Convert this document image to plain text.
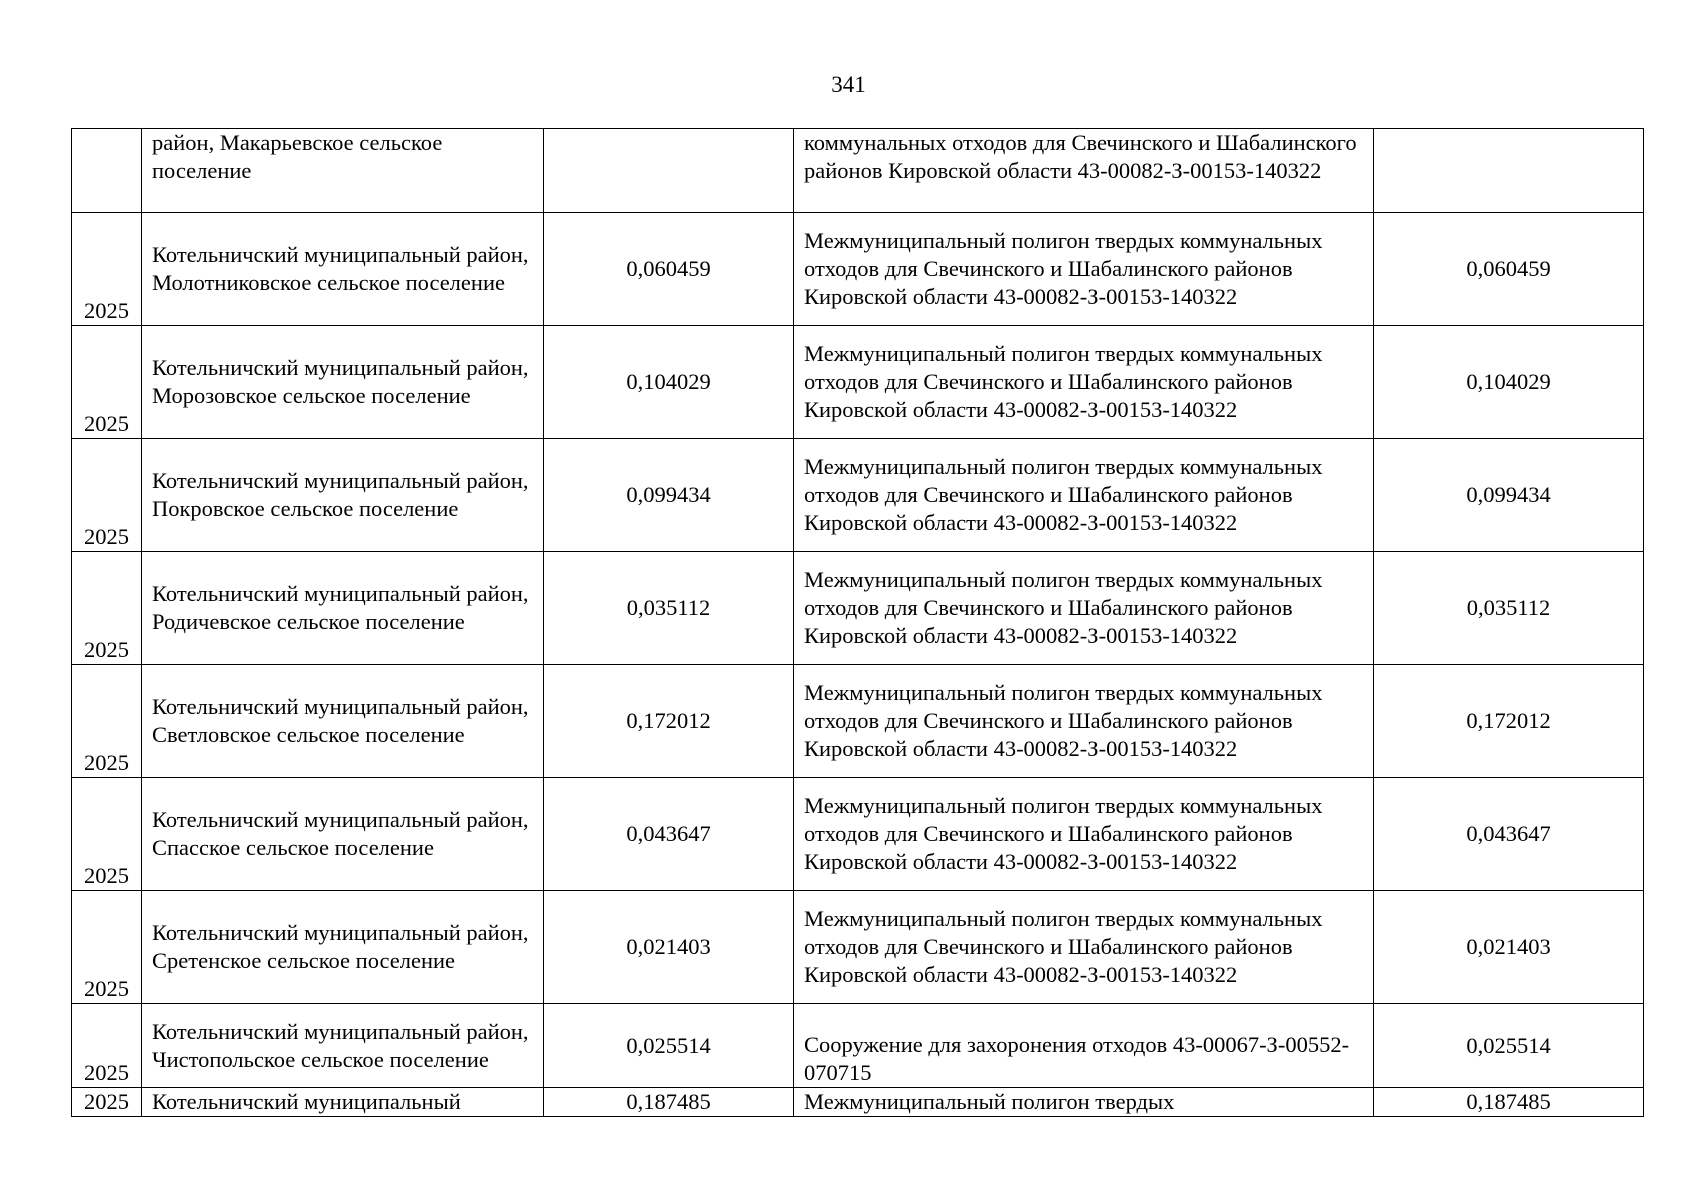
341
	район, Макарьевское сельское поселение		коммунальных отходов для Свечинского и Шабалинского районов Кировской области 43-00082-З-00153-140322	
2025	Котельничский муниципальный район, Молотниковское сельское поселение	0,060459	Межмуниципальный полигон твердых коммунальных отходов для Свечинского и Шабалинского районов Кировской области 43-00082-З-00153-140322	0,060459
2025	Котельничский муниципальный район, Морозовское сельское поселение	0,104029	Межмуниципальный полигон твердых коммунальных отходов для Свечинского и Шабалинского районов Кировской области 43-00082-З-00153-140322	0,104029
2025	Котельничский муниципальный район, Покровское сельское поселение	0,099434	Межмуниципальный полигон твердых коммунальных отходов для Свечинского и Шабалинского районов Кировской области 43-00082-З-00153-140322	0,099434
2025	Котельничский муниципальный район, Родичевское сельское поселение	0,035112	Межмуниципальный полигон твердых коммунальных отходов для Свечинского и Шабалинского районов Кировской области 43-00082-З-00153-140322	0,035112
2025	Котельничский муниципальный район, Светловское сельское поселение	0,172012	Межмуниципальный полигон твердых коммунальных отходов для Свечинского и Шабалинского районов Кировской области 43-00082-З-00153-140322	0,172012
2025	Котельничский муниципальный район, Спасское сельское поселение	0,043647	Межмуниципальный полигон твердых коммунальных отходов для Свечинского и Шабалинского районов Кировской области 43-00082-З-00153-140322	0,043647
2025	Котельничский муниципальный район, Сретенское сельское поселение	0,021403	Межмуниципальный полигон твердых коммунальных отходов для Свечинского и Шабалинского районов Кировской области 43-00082-З-00153-140322	0,021403
2025	Котельничский муниципальный район, Чистопольское сельское поселение	0,025514	Сооружение для захоронения отходов 43-00067-З-00552-070715	0,025514
2025	Котельничский муниципальный	0,187485	Межмуниципальный полигон твердых	0,187485
